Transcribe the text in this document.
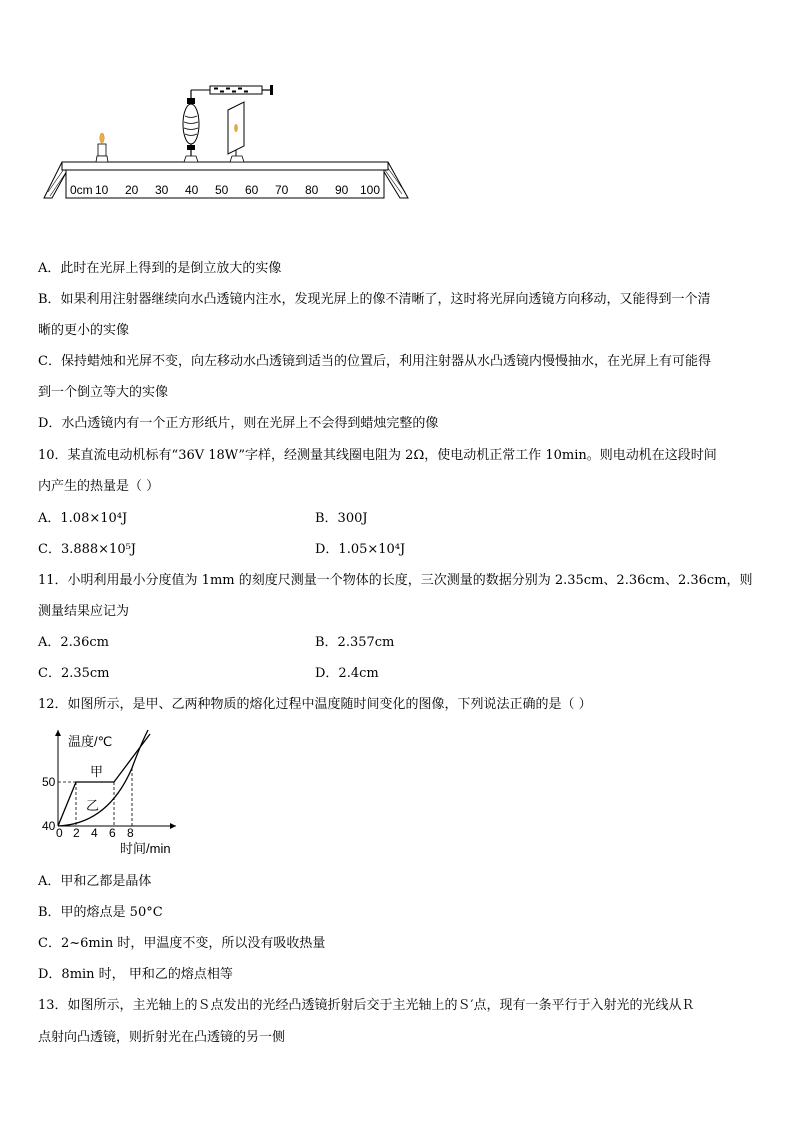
0cm 10 20 30 40 50 60 70 80 90 100
A．此时在光屏上得到的是倒立放大的实像
B．如果利用注射器继续向水凸透镜内注水，发现光屏上的像不清晰了，这时将光屏向透镜方向移动，又能得到一个清
晰的更小的实像
C．保持蜡烛和光屏不变，向左移动水凸透镜到适当的位置后，利用注射器从水凸透镜内慢慢抽水，在光屏上有可能得
到一个倒立等大的实像
D．水凸透镜内有一个正方形纸片，则在光屏上不会得到蜡烛完整的像
10．某直流电动机标有“36V 18W”字样，经测量其线圈电阻为 2Ω，使电动机正常工作 10min。则电动机在这段时间
内产生的热量是（ ）
A．1.08×10⁴J	B．300J
C．3.888×10⁵J	D．1.05×10⁴J
11．小明利用最小分度值为 1mm 的刻度尺测量一个物体的长度，三次测量的数据分别为 2.35cm、2.36cm、2.36cm，则
测量结果应记为
A．2.36cm	B．2.357cm
C．2.35cm	D．2.4cm
12．如图所示，是甲、乙两种物质的熔化过程中温度随时间变化的图像，下列说法正确的是（ ）
温度/℃
时间/min
50
40 0 2 4 6 8
甲
乙
A．甲和乙都是晶体
B．甲的熔点是 50°C
C．2~6min 时，甲温度不变，所以没有吸收热量
D．8min 时， 甲和乙的熔点相等
13．如图所示，主光轴上的Ｓ点发出的光经凸透镜折射后交于主光轴上的Ｓ′点，现有一条平行于入射光的光线从Ｒ
点射向凸透镜，则折射光在凸透镜的另一侧
